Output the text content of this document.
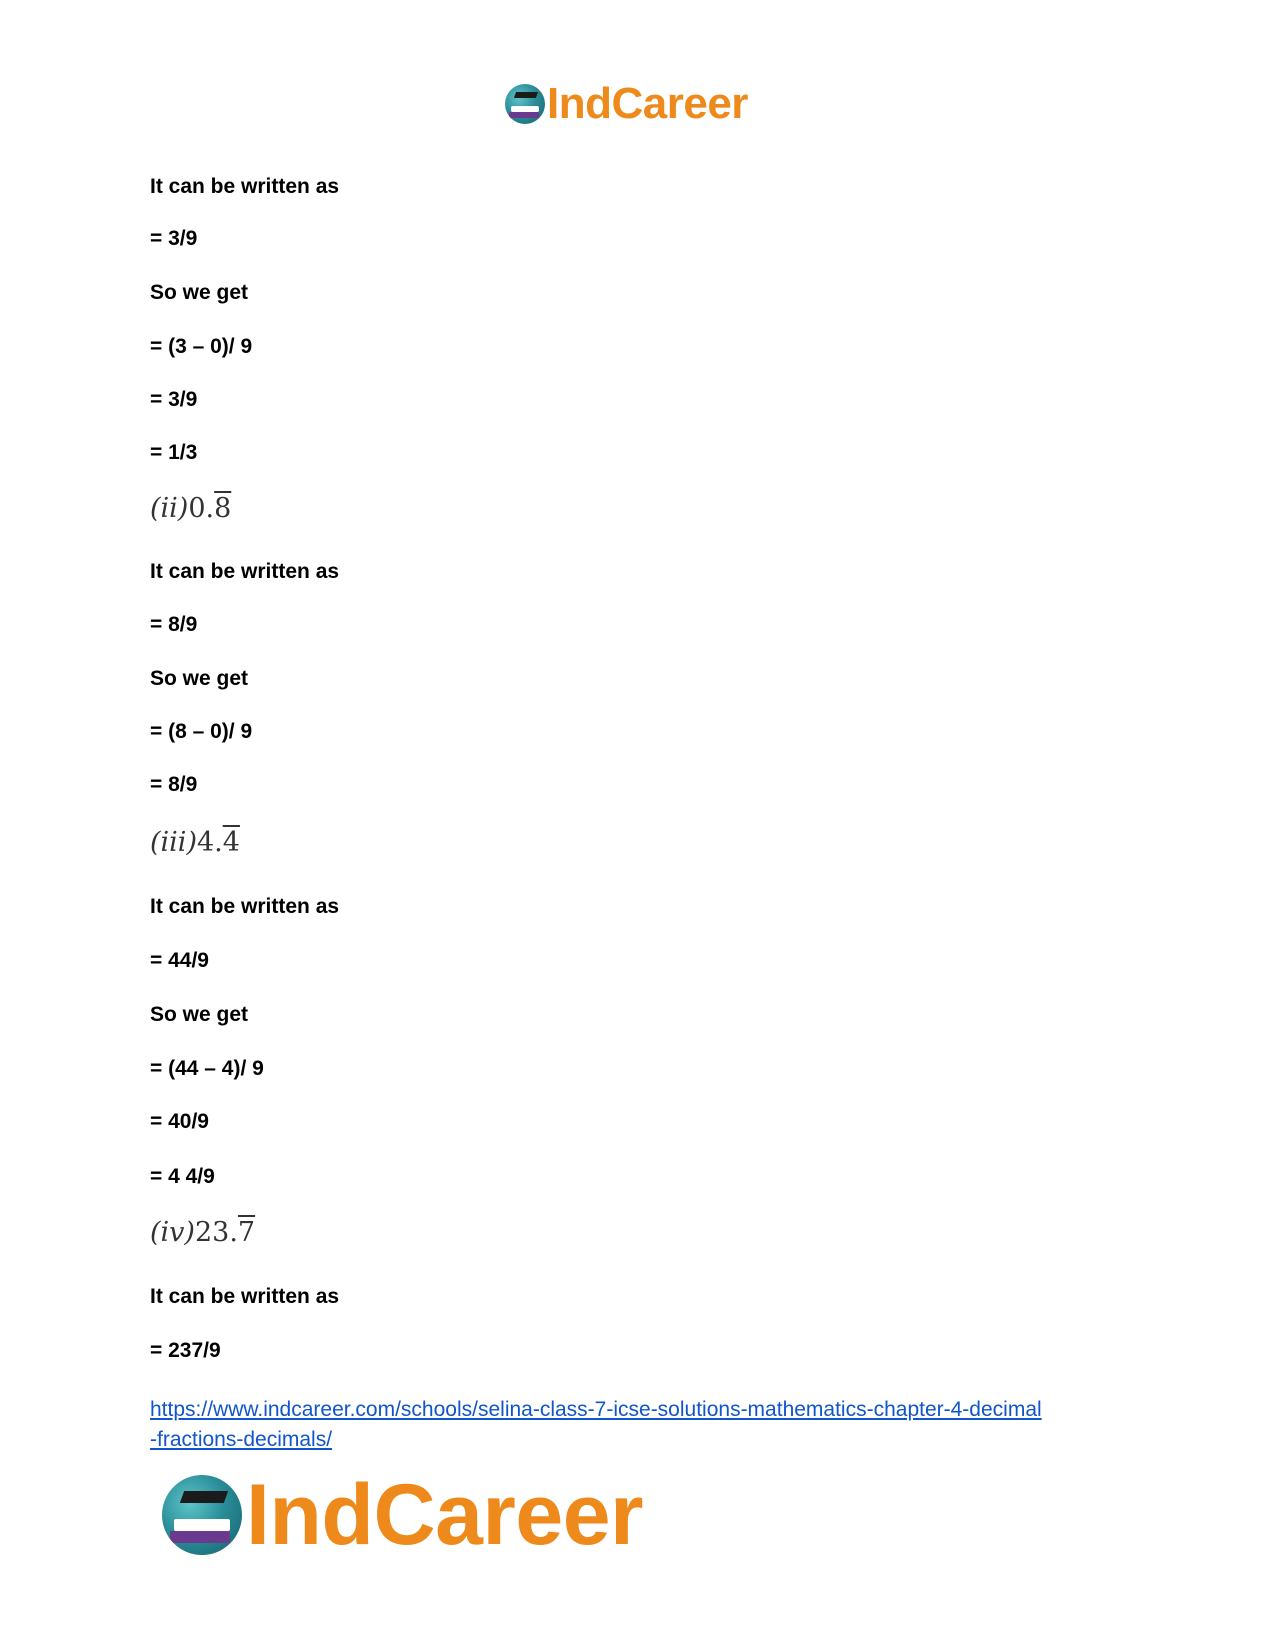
IndCareer
It can be written as
= 3/9
So we get
= (3 – 0)/ 9
= 3/9
= 1/3
(ii)0.8
It can be written as
= 8/9
So we get
= (8 – 0)/ 9
= 8/9
(iii)4.4
It can be written as
= 44/9
So we get
= (44 – 4)/ 9
= 40/9
= 4 4/9
(iv)23.7
It can be written as
= 237/9
https://www.indcareer.com/schools/selina-class-7-icse-solutions-mathematics-chapter-4-decimal
-fractions-decimals/
IndCareer
